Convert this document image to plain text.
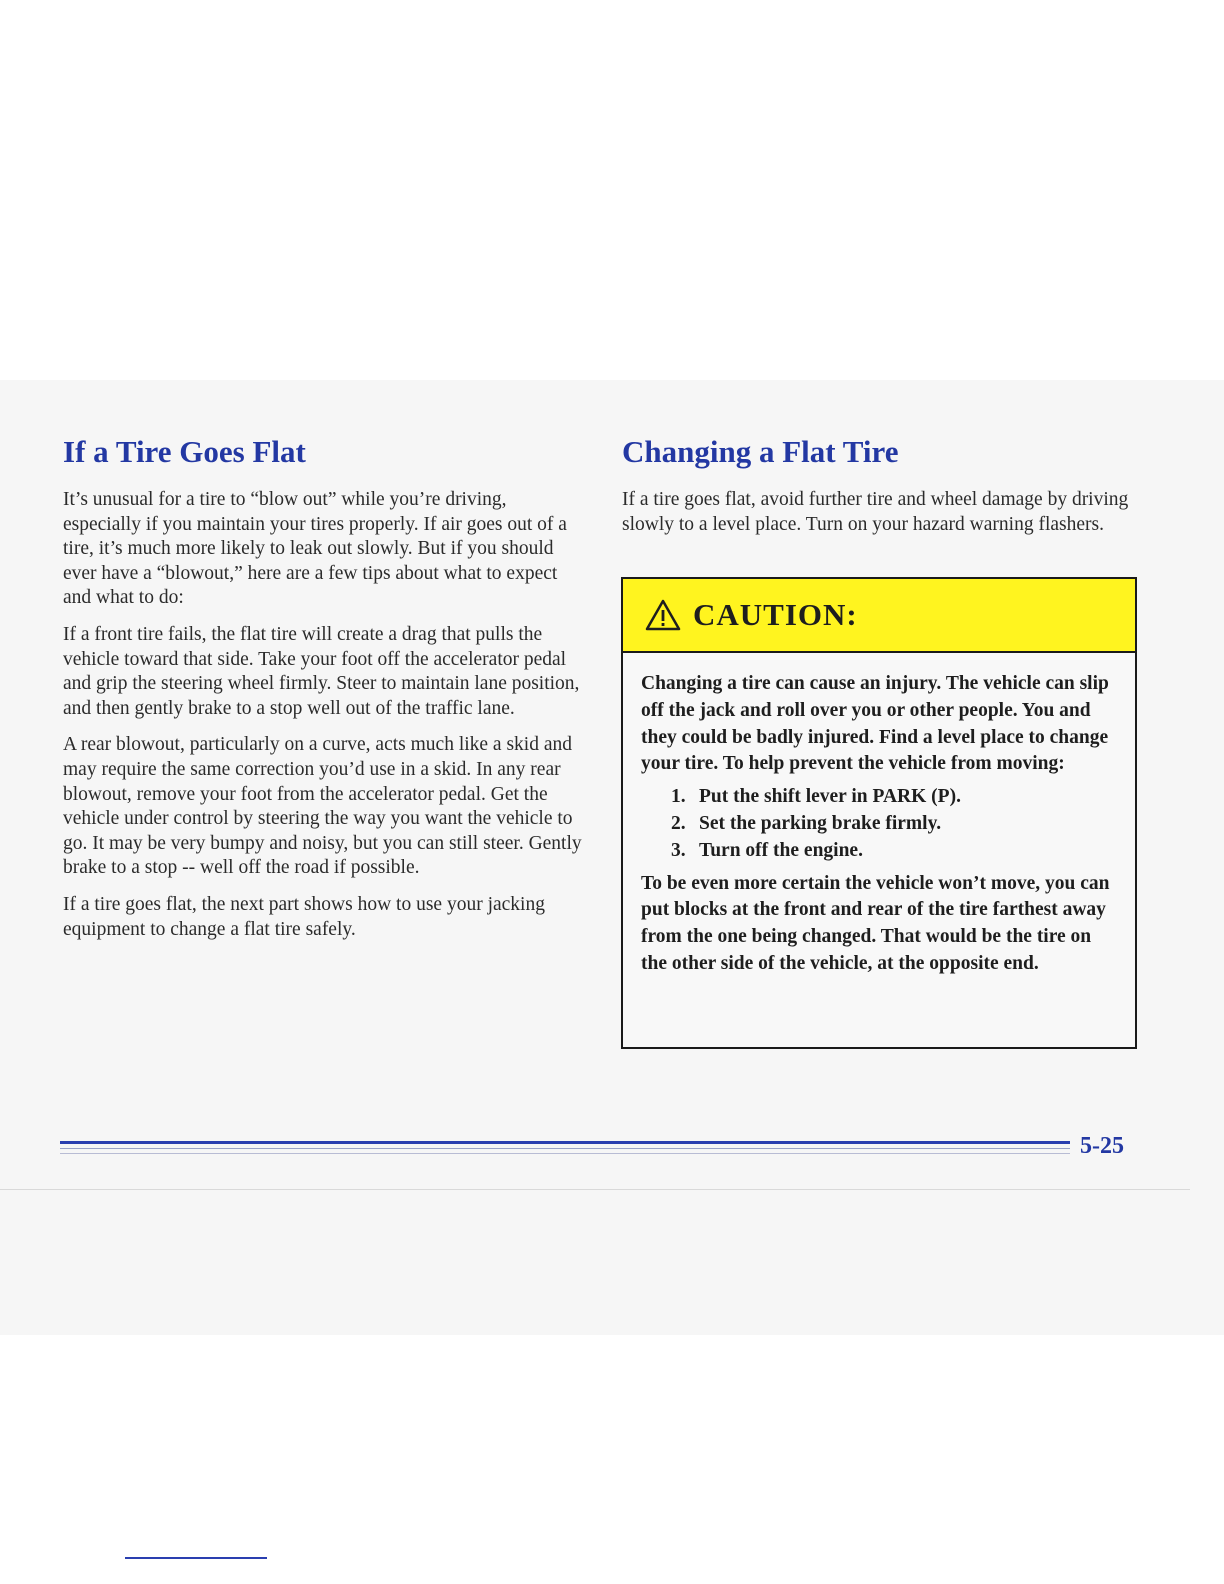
If a Tire Goes Flat

It’s unusual for a tire to “blow out” while you’re driving, especially if you maintain your tires properly. If air goes out of a tire, it’s much more likely to leak out slowly. But if you should ever have a “blowout,” here are a few tips about what to expect and what to do:

If a front tire fails, the flat tire will create a drag that pulls the vehicle toward that side. Take your foot off the accelerator pedal and grip the steering wheel firmly. Steer to maintain lane position, and then gently brake to a stop well out of the traffic lane.

A rear blowout, particularly on a curve, acts much like a skid and may require the same correction you’d use in a skid. In any rear blowout, remove your foot from the accelerator pedal. Get the vehicle under control by steering the way you want the vehicle to go. It may be very bumpy and noisy, but you can still steer. Gently brake to a stop -- well off the road if possible.

If a tire goes flat, the next part shows how to use your jacking equipment to change a flat tire safely.

Changing a Flat Tire

If a tire goes flat, avoid further tire and wheel damage by driving slowly to a level place. Turn on your hazard warning flashers.

CAUTION:

Changing a tire can cause an injury. The vehicle can slip off the jack and roll over you or other people. You and they could be badly injured. Find a level place to change your tire. To help prevent the vehicle from moving:

1. Put the shift lever in PARK (P).
2. Set the parking brake firmly.
3. Turn off the engine.

To be even more certain the vehicle won’t move, you can put blocks at the front and rear of the tire farthest away from the one being changed. That would be the tire on the other side of the vehicle, at the opposite end.

5-25
